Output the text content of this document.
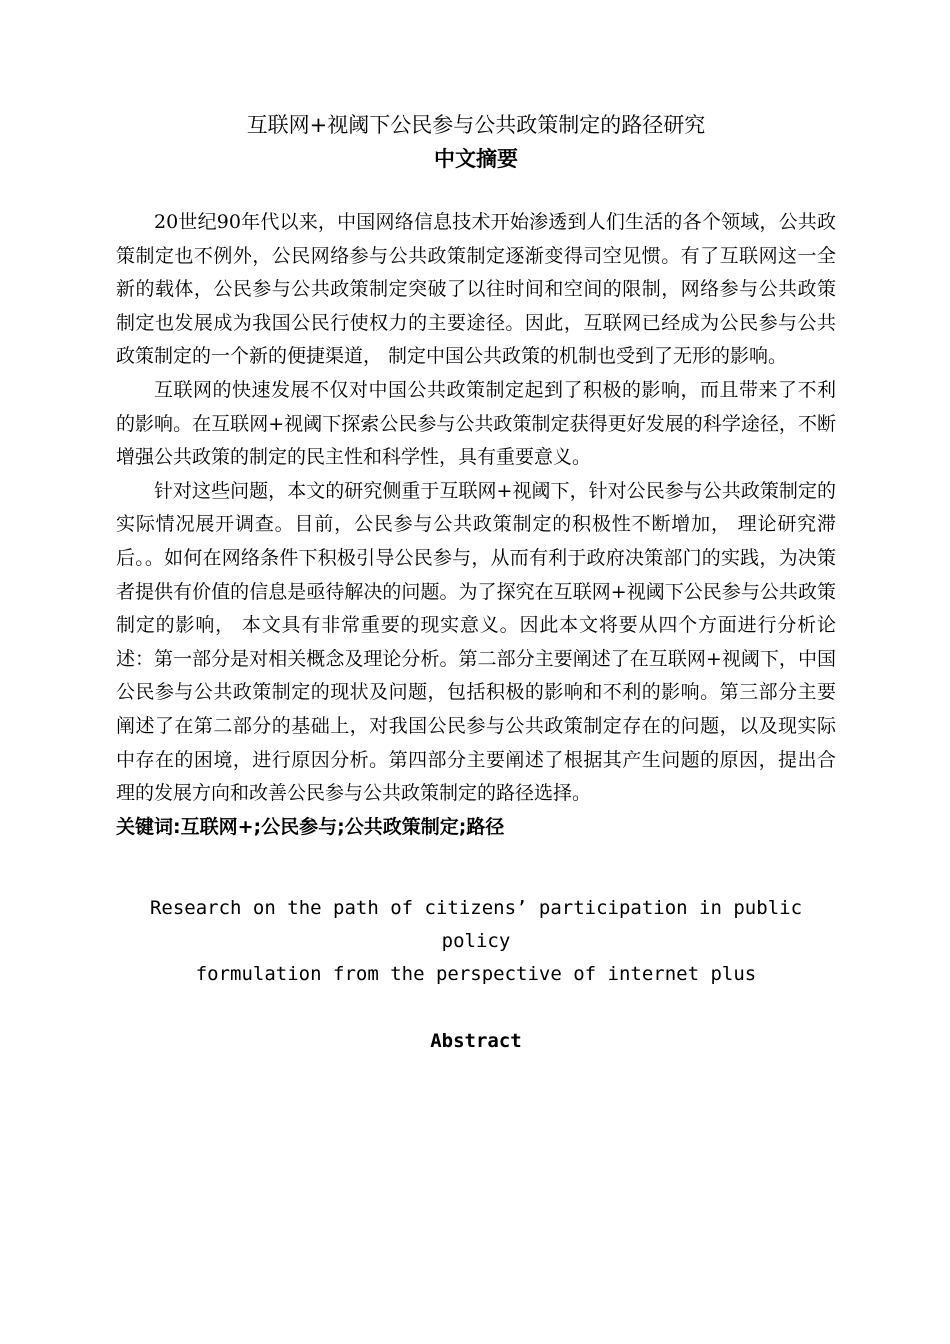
互联网+视阈下公民参与公共政策制定的路径研究
中文摘要

20世纪90年代以来，中国网络信息技术开始渗透到人们生活的各个领域，公共政策制定也不例外，公民网络参与公共政策制定逐渐变得司空见惯。有了互联网这一全新的载体，公民参与公共政策制定突破了以往时间和空间的限制，网络参与公共政策制定也发展成为我国公民行使权力的主要途径。因此，互联网已经成为公民参与公共政策制定的一个新的便捷渠道， 制定中国公共政策的机制也受到了无形的影响。

互联网的快速发展不仅对中国公共政策制定起到了积极的影响，而且带来了不利的影响。在互联网+视阈下探索公民参与公共政策制定获得更好发展的科学途径，不断增强公共政策的制定的民主性和科学性，具有重要意义。

针对这些问题，本文的研究侧重于互联网+视阈下，针对公民参与公共政策制定的实际情况展开调查。目前，公民参与公共政策制定的积极性不断增加， 理论研究滞后。。如何在网络条件下积极引导公民参与，从而有利于政府决策部门的实践，为决策者提供有价值的信息是亟待解决的问题。为了探究在互联网+视阈下公民参与公共政策制定的影响， 本文具有非常重要的现实意义。因此本文将要从四个方面进行分析论述：第一部分是对相关概念及理论分析。第二部分主要阐述了在互联网+视阈下，中国公民参与公共政策制定的现状及问题，包括积极的影响和不利的影响。第三部分主要阐述了在第二部分的基础上，对我国公民参与公共政策制定存在的问题，以及现实际中存在的困境，进行原因分析。第四部分主要阐述了根据其产生问题的原因，提出合理的发展方向和改善公民参与公共政策制定的路径选择。

关键词:互联网+;公民参与;公共政策制定;路径

Research on the path of citizens’ participation in public policy
formulation from the perspective of internet plus
Abstract
